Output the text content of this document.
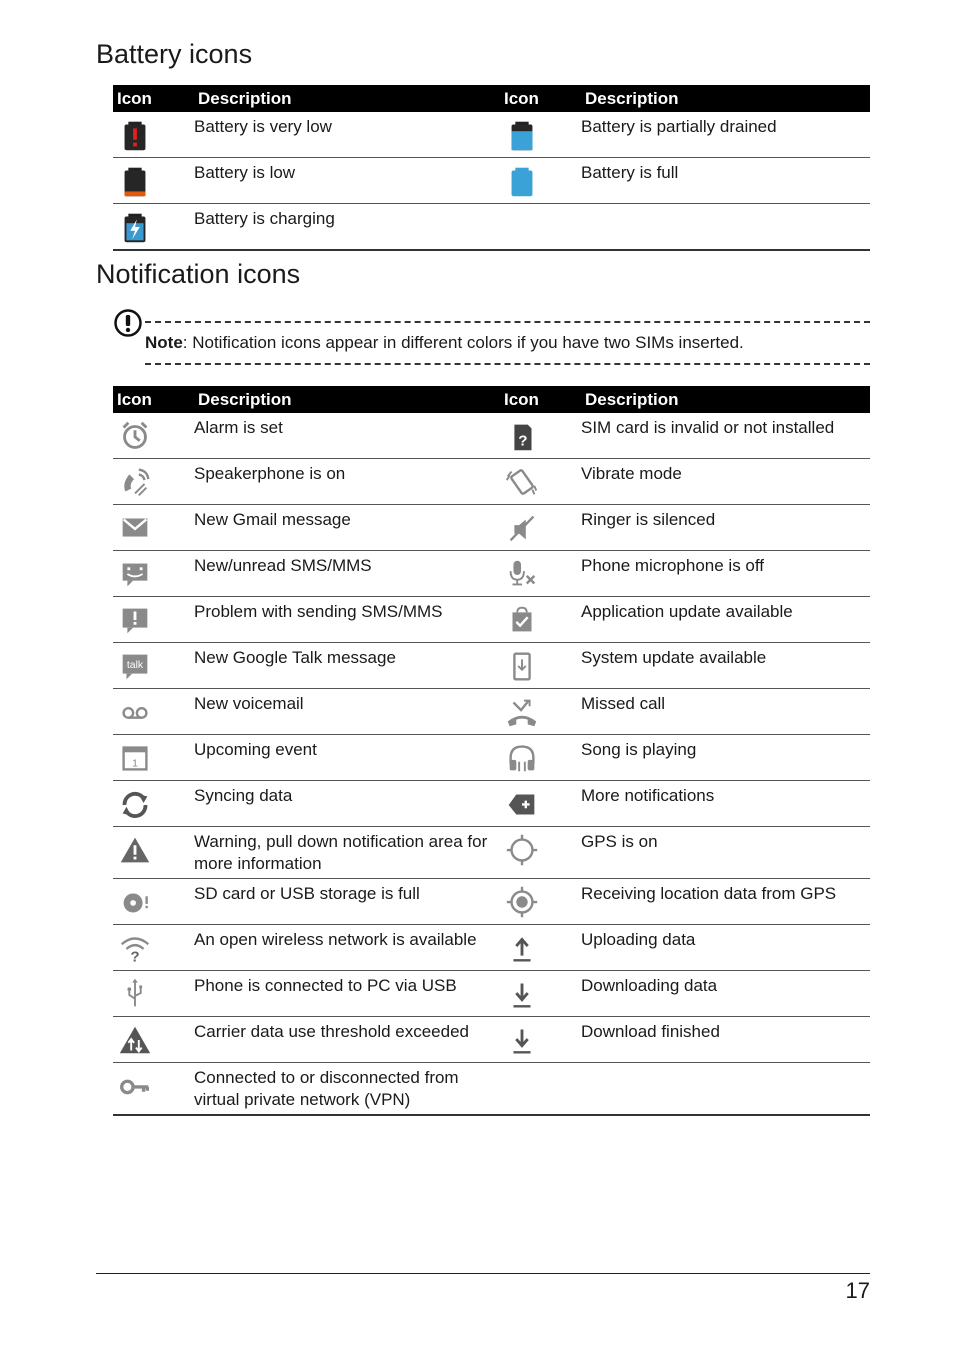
Battery icons
Icon	Description	Icon	Description

	Battery is very low		Battery is partially drained

	Battery is low		Battery is full

	Battery is charging		
Notification icons
Note: Notification icons appear in different colors if you have two SIMs inserted.
Icon	Description	Icon	Description

	Alarm is set	?	SIM card is invalid or not installed

	Speakerphone is on		Vibrate mode

	New Gmail message		Ringer is silenced

	New/unread SMS/MMS		Phone microphone is off

	Problem with sending SMS/MMS		Application update available

talk	New Google Talk message		System update available

	New voicemail		Missed call

1	Upcoming event		Song is playing

	Syncing data		More notifications

	Warning, pull down notification area for more information		GPS is on

	SD card or USB storage is full		Receiving location data from GPS

?	An open wireless network is available		Uploading data

	Phone is connected to PC via USB		Downloading data

	Carrier data use threshold exceeded		Download finished

	Connected to or disconnected from virtual private network (VPN)		
17
